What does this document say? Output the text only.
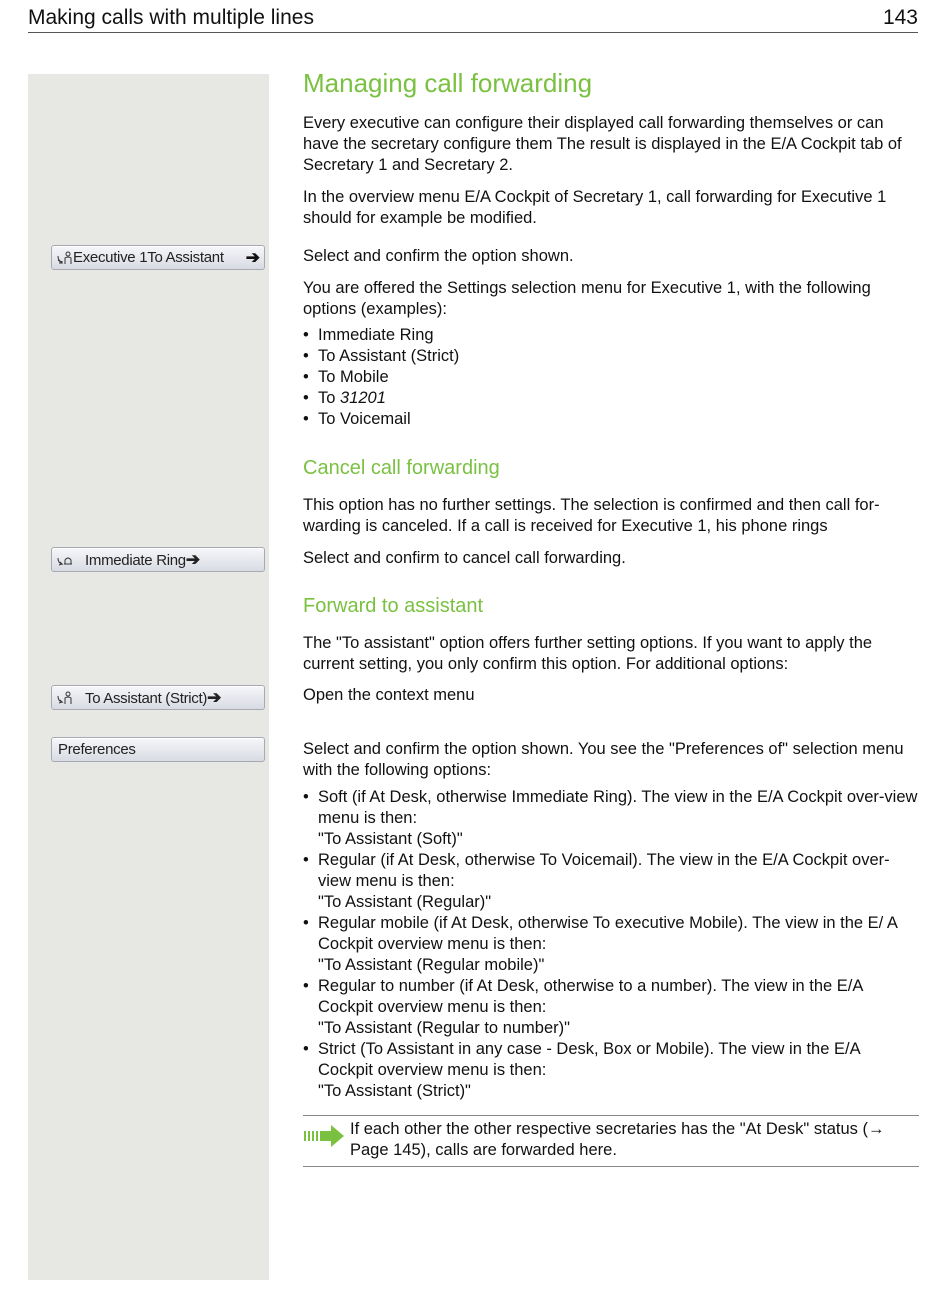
Making calls with multiple lines	143
Executive 1To Assistant ➔
Immediate Ring➔
To Assistant (Strict)➔
Preferences
Managing call forwarding

Every executive can configure their displayed call forwarding themselves or can have the secretary configure them The result is displayed in the E/A Cockpit tab of Secretary 1 and Secretary 2.

In the overview menu E/A Cockpit of Secretary 1, call forwarding for Executive 1 should for example be modified.

Select and confirm the option shown.

You are offered the Settings selection menu for Executive 1, with the following options (examples):

• Immediate Ring
• To Assistant (Strict)
• To Mobile
• To 31201
• To Voicemail
Cancel call forwarding

This option has no further settings. The selection is confirmed and then call for-warding is canceled. If a call is received for Executive 1, his phone rings

Select and confirm to cancel call forwarding.

Forward to assistant

The "To assistant" option offers further setting options. If you want to apply the current setting, you only confirm this option. For additional options:

Open the context menu

Select and confirm the option shown. You see the "Preferences of" selection menu with the following options:

• Soft (if At Desk, otherwise Immediate Ring). The view in the E/A Cockpit over-view menu is then:
"To Assistant (Soft)"
• Regular (if At Desk, otherwise To Voicemail). The view in the E/A Cockpit over-view menu is then:
"To Assistant (Regular)"
• Regular mobile (if At Desk, otherwise To executive Mobile). The view in the E/ A Cockpit overview menu is then:
"To Assistant (Regular mobile)"
• Regular to number (if At Desk, otherwise to a number). The view in the E/A Cockpit overview menu is then:
"To Assistant (Regular to number)"
• Strict (To Assistant in any case - Desk, Box or Mobile). The view in the E/A Cockpit overview menu is then:
"To Assistant (Strict)"
If each other the other respective secretaries has the "At Desk" status (→ Page 145), calls are forwarded here.
